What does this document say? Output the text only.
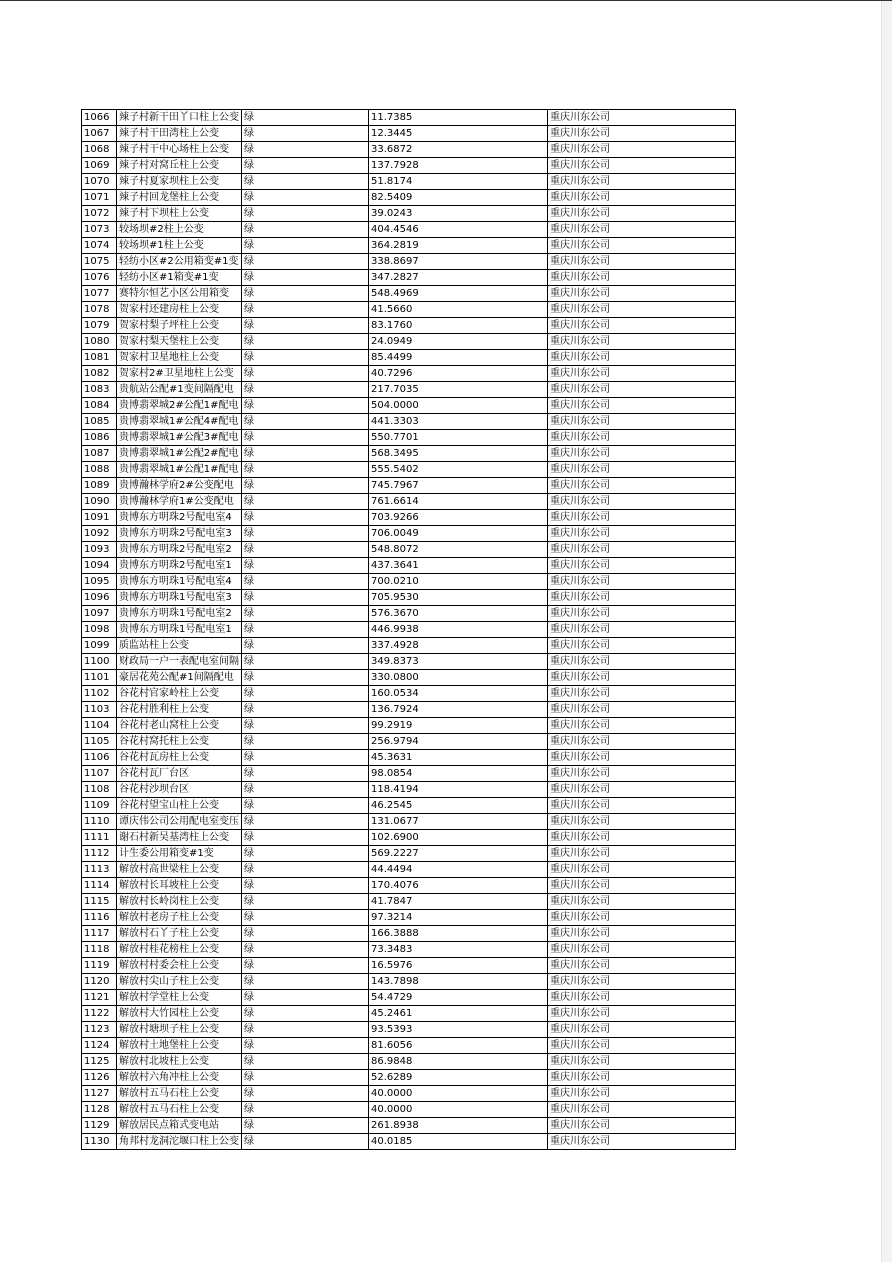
1066	辣子村新干田丫口柱上公变	绿	11.7385	重庆川东公司
1067	辣子村干田湾柱上公变	绿	12.3445	重庆川东公司
1068	辣子村干中心场柱上公变	绿	33.6872	重庆川东公司
1069	辣子村对窝丘柱上公变	绿	137.7928	重庆川东公司
1070	辣子村夏家坝柱上公变	绿	51.8174	重庆川东公司
1071	辣子村回龙堡柱上公变	绿	82.5409	重庆川东公司
1072	辣子村下坝柱上公变	绿	39.0243	重庆川东公司
1073	较场坝#2柱上公变	绿	404.4546	重庆川东公司
1074	较场坝#1柱上公变	绿	364.2819	重庆川东公司
1075	轻纺小区#2公用箱变#1变	绿	338.8697	重庆川东公司
1076	轻纺小区#1箱变#1变	绿	347.2827	重庆川东公司
1077	赛特尔恒艺小区公用箱变	绿	548.4969	重庆川东公司
1078	贺家村还建房柱上公变	绿	41.5660	重庆川东公司
1079	贺家村梨子坪柱上公变	绿	83.1760	重庆川东公司
1080	贺家村梨天堡柱上公变	绿	24.0949	重庆川东公司
1081	贺家村卫星地柱上公变	绿	85.4499	重庆川东公司
1082	贺家村2#卫星地柱上公变	绿	40.7296	重庆川东公司
1083	贵航站公配#1变间隔配电	绿	217.7035	重庆川东公司
1084	贵博翡翠城2#公配1#配电	绿	504.0000	重庆川东公司
1085	贵博翡翠城1#公配4#配电	绿	441.3303	重庆川东公司
1086	贵博翡翠城1#公配3#配电	绿	550.7701	重庆川东公司
1087	贵博翡翠城1#公配2#配电	绿	568.3495	重庆川东公司
1088	贵博翡翠城1#公配1#配电	绿	555.5402	重庆川东公司
1089	贵博瀚林学府2#公变配电	绿	745.7967	重庆川东公司
1090	贵博瀚林学府1#公变配电	绿	761.6614	重庆川东公司
1091	贵博东方明珠2号配电室4	绿	703.9266	重庆川东公司
1092	贵博东方明珠2号配电室3	绿	706.0049	重庆川东公司
1093	贵博东方明珠2号配电室2	绿	548.8072	重庆川东公司
1094	贵博东方明珠2号配电室1	绿	437.3641	重庆川东公司
1095	贵博东方明珠1号配电室4	绿	700.0210	重庆川东公司
1096	贵博东方明珠1号配电室3	绿	705.9530	重庆川东公司
1097	贵博东方明珠1号配电室2	绿	576.3670	重庆川东公司
1098	贵博东方明珠1号配电室1	绿	446.9938	重庆川东公司
1099	质监站柱上公变	绿	337.4928	重庆川东公司
1100	财政局一户一表配电室间隔	绿	349.8373	重庆川东公司
1101	豪居花苑公配#1间隔配电	绿	330.0800	重庆川东公司
1102	谷花村官家岭柱上公变	绿	160.0534	重庆川东公司
1103	谷花村胜利柱上公变	绿	136.7924	重庆川东公司
1104	谷花村老山窝柱上公变	绿	99.2919	重庆川东公司
1105	谷花村窝托柱上公变	绿	256.9794	重庆川东公司
1106	谷花村瓦房柱上公变	绿	45.3631	重庆川东公司
1107	谷花村瓦厂台区	绿	98.0854	重庆川东公司
1108	谷花村沙坝台区	绿	118.4194	重庆川东公司
1109	谷花村望宝山柱上公变	绿	46.2545	重庆川东公司
1110	谭庆伟公司公用配电室变压	绿	131.0677	重庆川东公司
1111	谢石村新吴基湾柱上公变	绿	102.6900	重庆川东公司
1112	计生委公用箱变#1变	绿	569.2227	重庆川东公司
1113	解放村高世梁柱上公变	绿	44.4494	重庆川东公司
1114	解放村长耳坡柱上公变	绿	170.4076	重庆川东公司
1115	解放村长岭岗柱上公变	绿	41.7847	重庆川东公司
1116	解放村老房子柱上公变	绿	97.3214	重庆川东公司
1117	解放村石丫子柱上公变	绿	166.3888	重庆川东公司
1118	解放村桂花榜柱上公变	绿	73.3483	重庆川东公司
1119	解放村村委会柱上公变	绿	16.5976	重庆川东公司
1120	解放村尖山子柱上公变	绿	143.7898	重庆川东公司
1121	解放村学堂柱上公变	绿	54.4729	重庆川东公司
1122	解放村大竹园柱上公变	绿	45.2461	重庆川东公司
1123	解放村塘坝子柱上公变	绿	93.5393	重庆川东公司
1124	解放村土地堡柱上公变	绿	81.6056	重庆川东公司
1125	解放村北坡柱上公变	绿	86.9848	重庆川东公司
1126	解放村六角冲柱上公变	绿	52.6289	重庆川东公司
1127	解放村五马石柱上公变	绿	40.0000	重庆川东公司
1128	解放村五马石柱上公变	绿	40.0000	重庆川东公司
1129	解放居民点箱式变电站	绿	261.8938	重庆川东公司
1130	角邦村龙洞沱堰口柱上公变	绿	40.0185	重庆川东公司
